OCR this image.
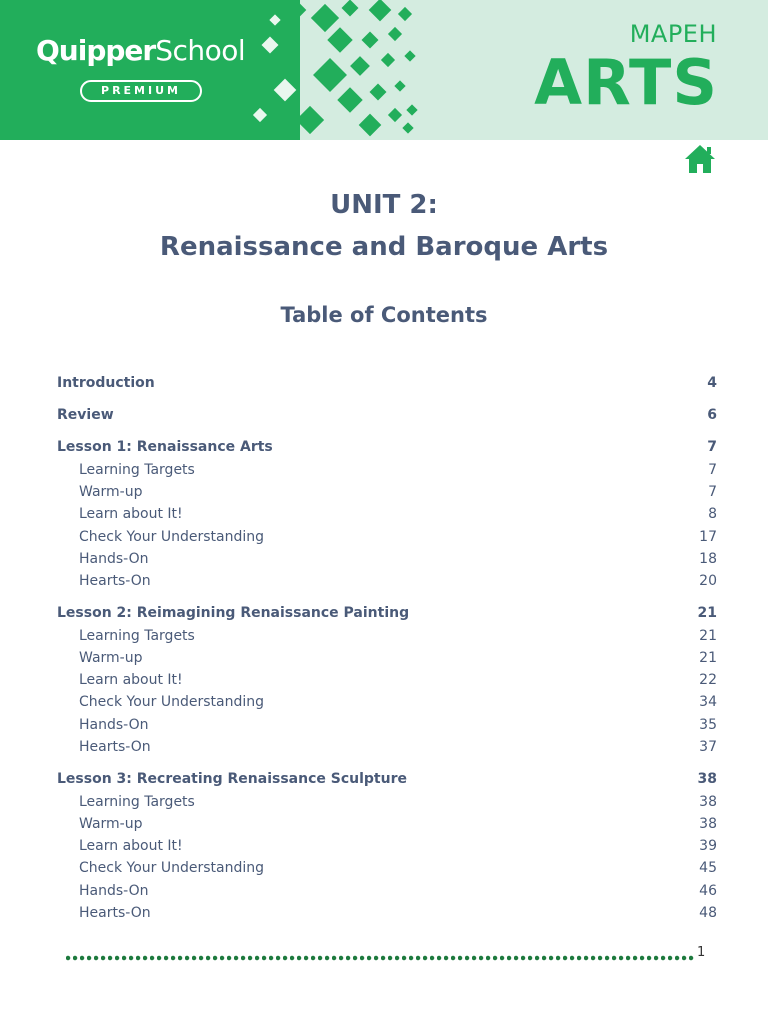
QuipperSchool
PREMIUM
MAPEH
ARTS
UNIT 2:
Renaissance and Baroque Arts
Table of Contents
Introduction	4
Review	6
Lesson 1: Renaissance Arts	7
Learning Targets	7
Warm-up	7
Learn about It!	8
Check Your Understanding	17
Hands-On	18
Hearts-On	20
Lesson 2: Reimagining Renaissance Painting	21
Learning Targets	21
Warm-up	21
Learn about It!	22
Check Your Understanding	34
Hands-On	35
Hearts-On	37
Lesson 3: Recreating Renaissance Sculpture	38
Learning Targets	38
Warm-up	38
Learn about It!	39
Check Your Understanding	45
Hands-On	46
Hearts-On	48
1
